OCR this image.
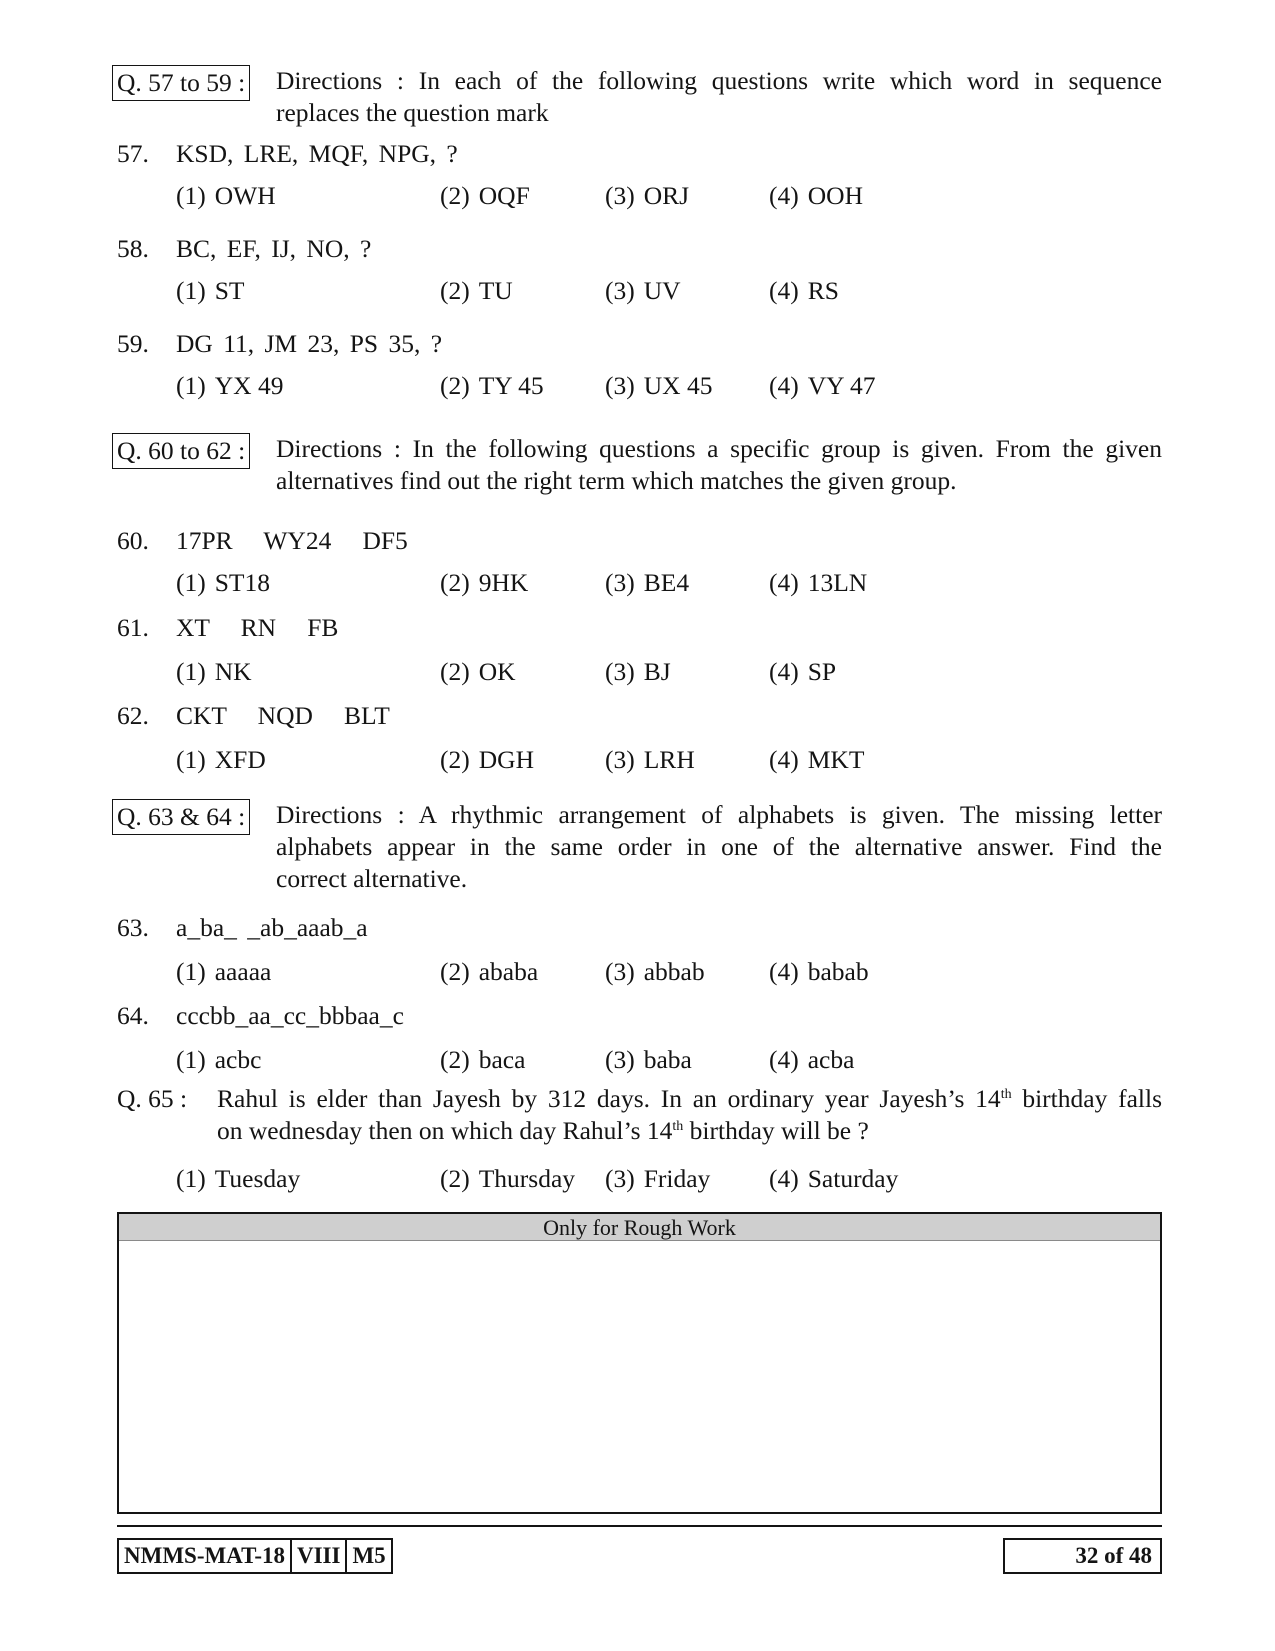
Q. 57 to 59 : Directions : In each of the following questions write which word in sequence
replaces the question mark
57. KSD, LRE, MQF, NPG, ?
(1) OWH	(2) OQF	(3) ORJ	(4) OOH
58. BC, EF, IJ, NO, ?
(1) ST	(2) TU	(3) UV	(4) RS
59. DG 11, JM 23, PS 35, ?
(1) YX 49	(2) TY 45 (3) UX 45 (4) VY 47
Q. 60 to 62 : Directions : In the following questions a specific group is given. From the given
alternatives find out the right term which matches the given group.
60. 17PR   WY24   DF5
(1) ST18	(2) 9HK	(3) BE4	(4) 13LN
61. XT   RN   FB
(1) NK	(2) OK	(3) BJ	(4) SP
62. CKT   NQD   BLT
(1) XFD	(2) DGH	(3) LRH	(4) MKT
Q. 63 & 64 : Directions : A rhythmic arrangement of alphabets is given. The missing letter
alphabets appear in the same order in one of the alternative answer. Find the
correct alternative.
63. a_ba_ _ab_aaab_a
(1) aaaaa	(2) ababa	(3) abbab	(4) babab
64. cccbb_aa_cc_bbbaa_c
(1) acbc	(2) baca	(3) baba	(4) acba
Q. 65 : Rahul is elder than Jayesh by 312 days. In an ordinary year Jayesh’s 14th birthday falls
on wednesday then on which day Rahul’s 14th birthday will be ?
(1) Tuesday	(2) Thursday (3) Friday (4) Saturday
Only for Rough Work
NMMS-MAT-18 VIII M5	32 of 48
